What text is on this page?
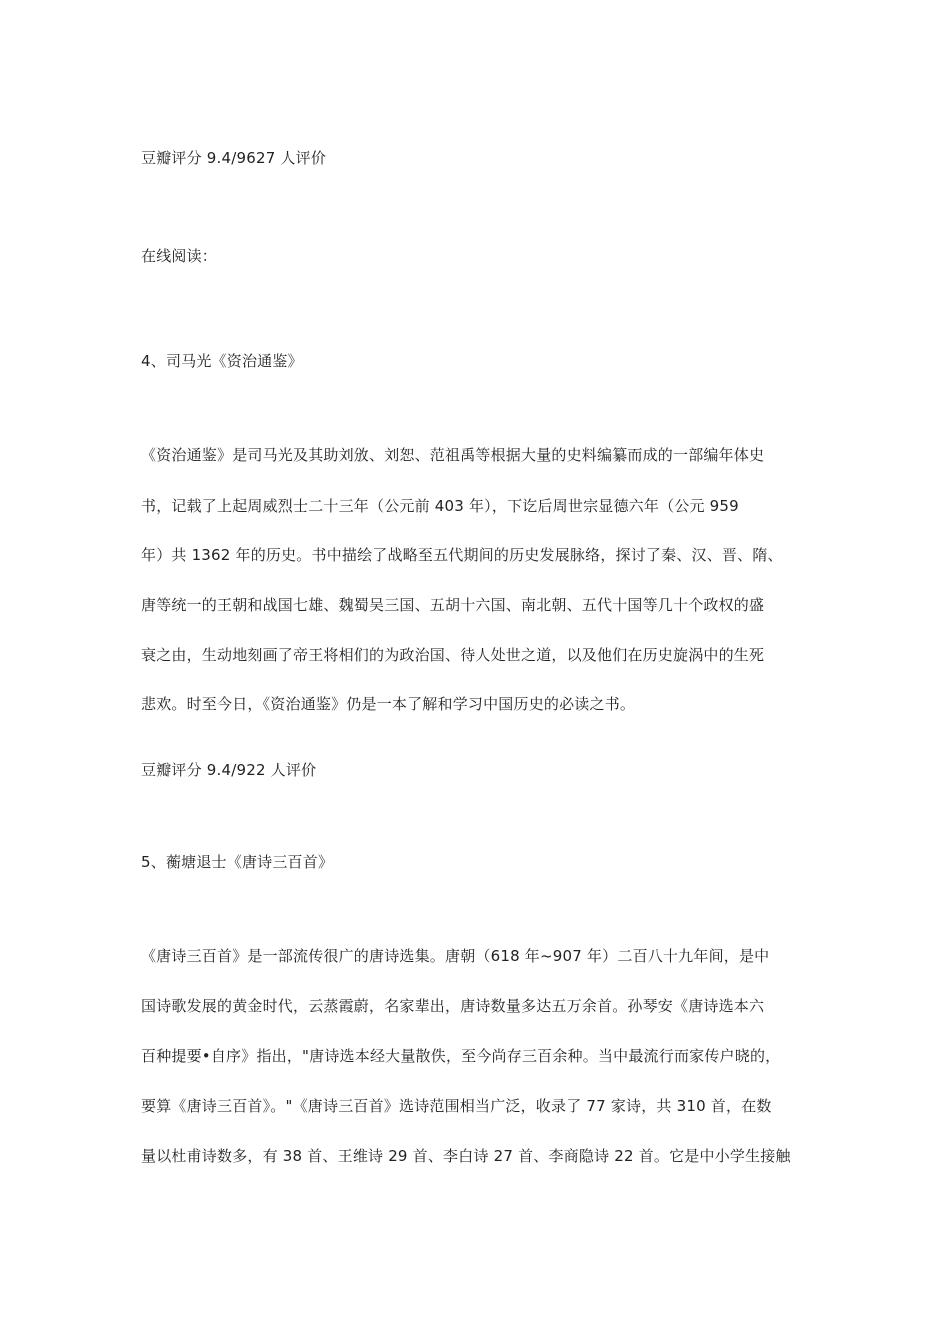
豆瓣评分 9.4/9627 人评价
在线阅读：
4、司马光《资治通鉴》
《资治通鉴》是司马光及其助刘攽、刘恕、范祖禹等根据大量的史料编纂而成的一部编年体史
书，记载了上起周威烈士二十三年（公元前 403 年），下讫后周世宗显德六年（公元 959
年）共 1362 年的历史。书中描绘了战略至五代期间的历史发展脉络，探讨了秦、汉、晋、隋、
唐等统一的王朝和战国七雄、魏蜀吴三国、五胡十六国、南北朝、五代十国等几十个政权的盛
衰之由，生动地刻画了帝王将相们的为政治国、待人处世之道，以及他们在历史旋涡中的生死
悲欢。时至今日，《资治通鉴》仍是一本了解和学习中国历史的必读之书。
豆瓣评分 9.4/922 人评价
5、蘅塘退士《唐诗三百首》
《唐诗三百首》是一部流传很广的唐诗选集。唐朝（618 年~907 年）二百八十九年间，是中
国诗歌发展的黄金时代，云蒸霞蔚，名家辈出，唐诗数量多达五万余首。孙琴安《唐诗选本六
百种提要•自序》指出，"唐诗选本经大量散佚，至今尚存三百余种。当中最流行而家传户晓的，
要算《唐诗三百首》。"《唐诗三百首》选诗范围相当广泛，收录了 77 家诗，共 310 首，在数
量以杜甫诗数多，有 38 首、王维诗 29 首、李白诗 27 首、李商隐诗 22 首。它是中小学生接触
